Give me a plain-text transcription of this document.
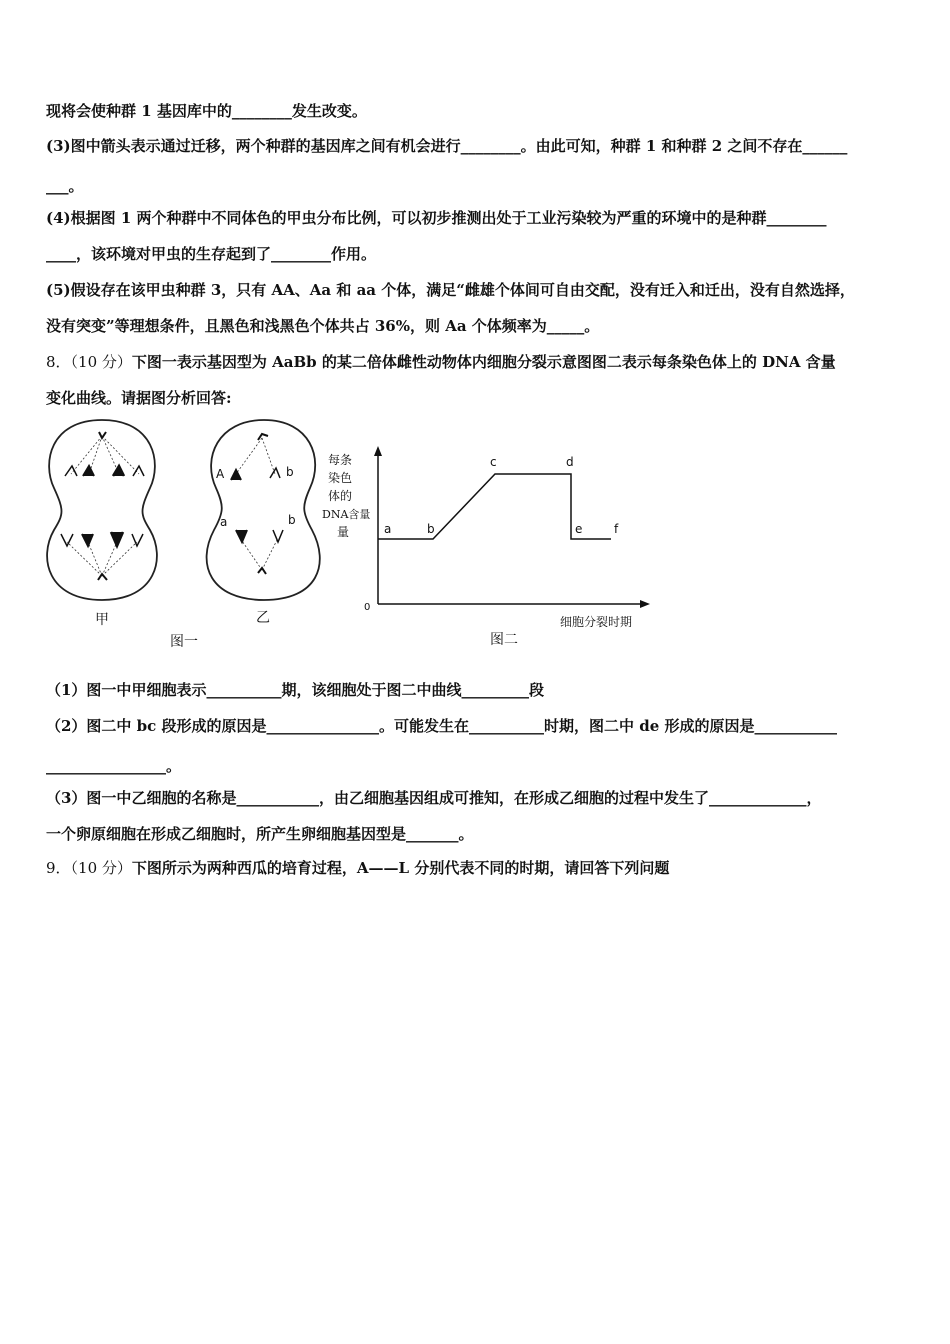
现将会使种群 1 基因库中的________发生改变。
(3)图中箭头表示通过迁移，两个种群的基因库之间有机会进行________。由此可知，种群 1 和种群 2 之间不存在______
___。
(4)根据图 1 两个种群中不同体色的甲虫分布比例，可以初步推测出处于工业污染较为严重的环境中的是种群________
____，该环境对甲虫的生存起到了________作用。
(5)假设存在该甲虫种群 3，只有 AA、Aa 和 aa 个体，满足“雌雄个体间可自由交配，没有迁入和迁出，没有自然选择，
没有突变”等理想条件，且黑色和浅黑色个体共占 36%，则 Aa 个体频率为_____。
8．（10 分）下图一表示基因型为 AaBb 的某二倍体雌性动物体内细胞分裂示意图图二表示每条染色体上的 DNA 含量
变化曲线。请据图分析回答:
甲
A	b
a	b
乙
图一
每条
染色
体的
DNA含量
量
0
细胞分裂时期
图二
a	b
c	d
e	f
（1）图一中甲细胞表示__________期，该细胞处于图二中曲线_________段
（2）图二中 bc 段形成的原因是_______________。可能发生在__________时期，图二中 de 形成的原因是___________
________________。
（3）图一中乙细胞的名称是___________，由乙细胞基因组成可推知，在形成乙细胞的过程中发生了_____________，
一个卵原细胞在形成乙细胞时，所产生卵细胞基因型是_______。
9．（10 分）下图所示为两种西瓜的培育过程，A——L 分别代表不同的时期，请回答下列问题
